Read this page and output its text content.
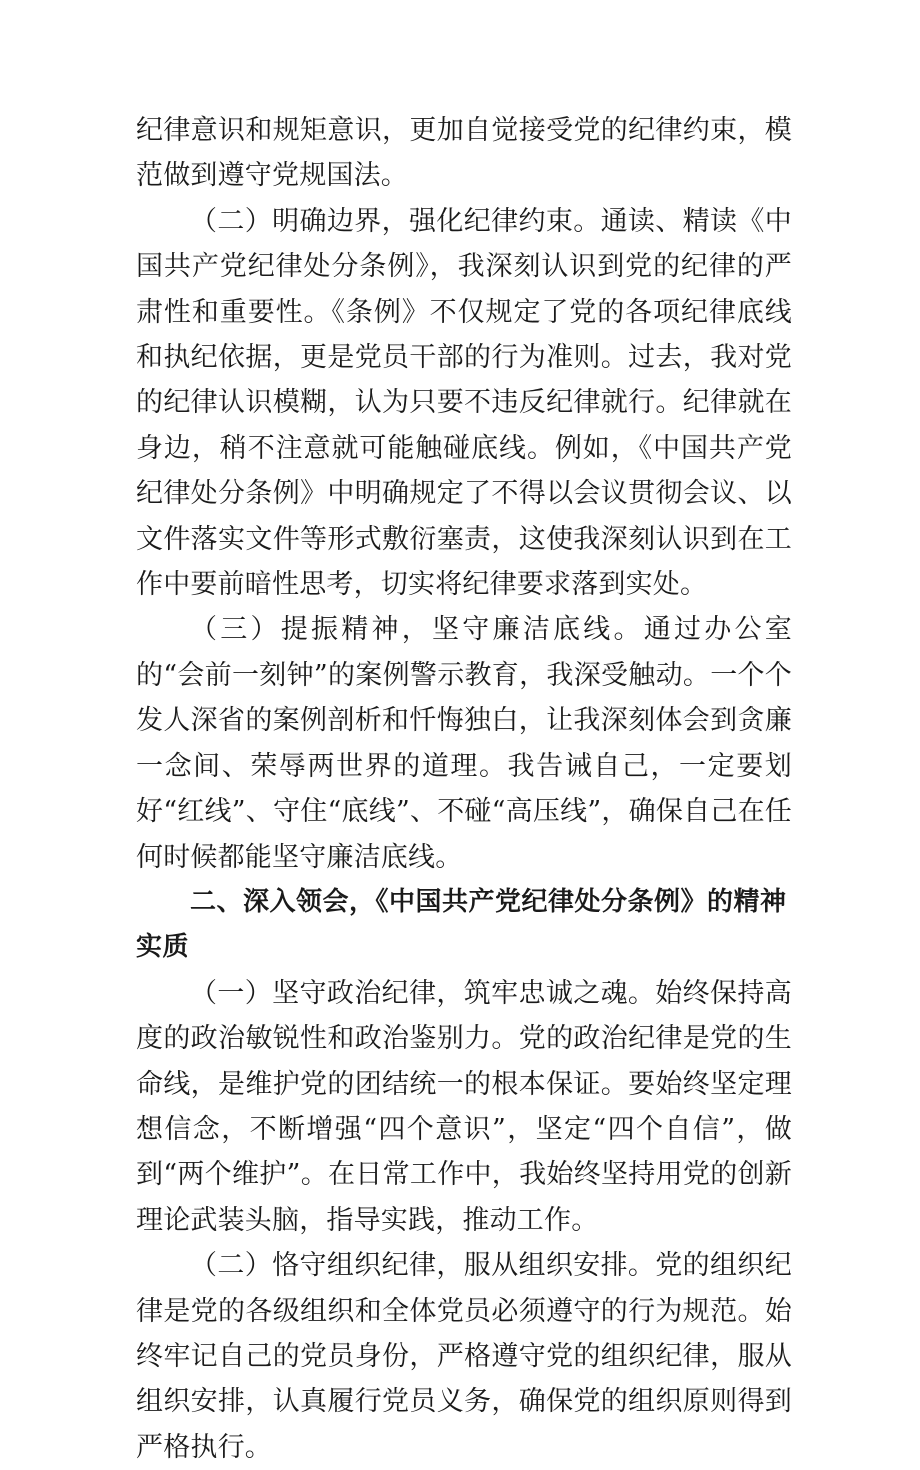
纪律意识和规矩意识，更加自觉接受党的纪律约束，模范做到遵守党规国法。

（二）明确边界，强化纪律约束。通读、精读《中国共产党纪律处分条例》，我深刻认识到党的纪律的严肃性和重要性。《条例》不仅规定了党的各项纪律底线和执纪依据，更是党员干部的行为准则。过去，我对党的纪律认识模糊，认为只要不违反纪律就行。纪律就在身边，稍不注意就可能触碰底线。例如，《中国共产党纪律处分条例》中明确规定了不得以会议贯彻会议、以文件落实文件等形式敷衍塞责，这使我深刻认识到在工作中要前暗性思考，切实将纪律要求落到实处。

（三）提振精神，坚守廉洁底线。通过办公室的“会前一刻钟”的案例警示教育，我深受触动。一个个发人深省的案例剖析和忏悔独白，让我深刻体会到贪廉一念间、荣辱两世界的道理。我告诫自己，一定要划好“红线”、守住“底线”、不碰“高压线”，确保自己在任何时候都能坚守廉洁底线。

二、深入领会，《中国共产党纪律处分条例》的精神实质

（一）坚守政治纪律，筑牢忠诚之魂。始终保持高度的政治敏锐性和政治鉴别力。党的政治纪律是党的生命线，是维护党的团结统一的根本保证。要始终坚定理想信念，不断增强“四个意识”，坚定“四个自信”，做到“两个维护”。在日常工作中，我始终坚持用党的创新理论武装头脑，指导实践，推动工作。

（二）恪守组织纪律，服从组织安排。党的组织纪律是党的各级组织和全体党员必须遵守的行为规范。始终牢记自己的党员身份，严格遵守党的组织纪律，服从组织安排，认真履行党员义务，确保党的组织原则得到严格执行。
